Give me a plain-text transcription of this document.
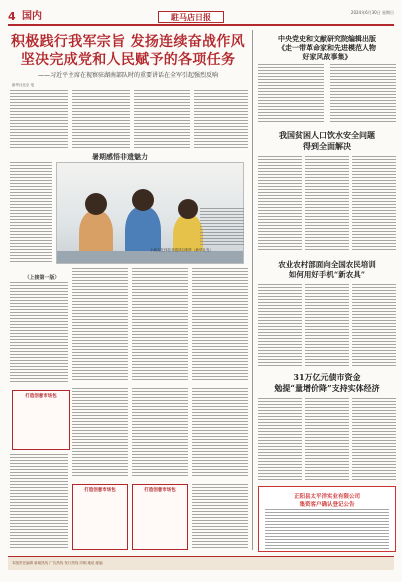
4 国内	駐马店日报	2024年6月30日 星期日
积极践行我军宗旨 发扬连续奋战作风
坚决完成党和人民赋予的各项任务
——习近平主席在视察驻湖南部队时的重要讲话在全军引起强烈反响
新华社北京 电
暑期感悟非遗魅力
小朋友在体验非遗项目制作（新华社发）
（上接第一版）
打造创意市场包
打造创意市场包	打造创意市场包
中央党史和文献研究院编辑出版
《走一带革命家和先进模范人物
好家风故事集》
我国贫困人口饮水安全问题
得到全面解决
农业农村部面向全国农民培训
如何用好手机“新农具”
31万亿元债市资金
勉提“量增价降”支持实体经济
正阳县太平洋实业有限公司
集资客户确认登记公告
本版责任编辑 新闻热线 广告热线 发行热线 印刷 地址 邮编
